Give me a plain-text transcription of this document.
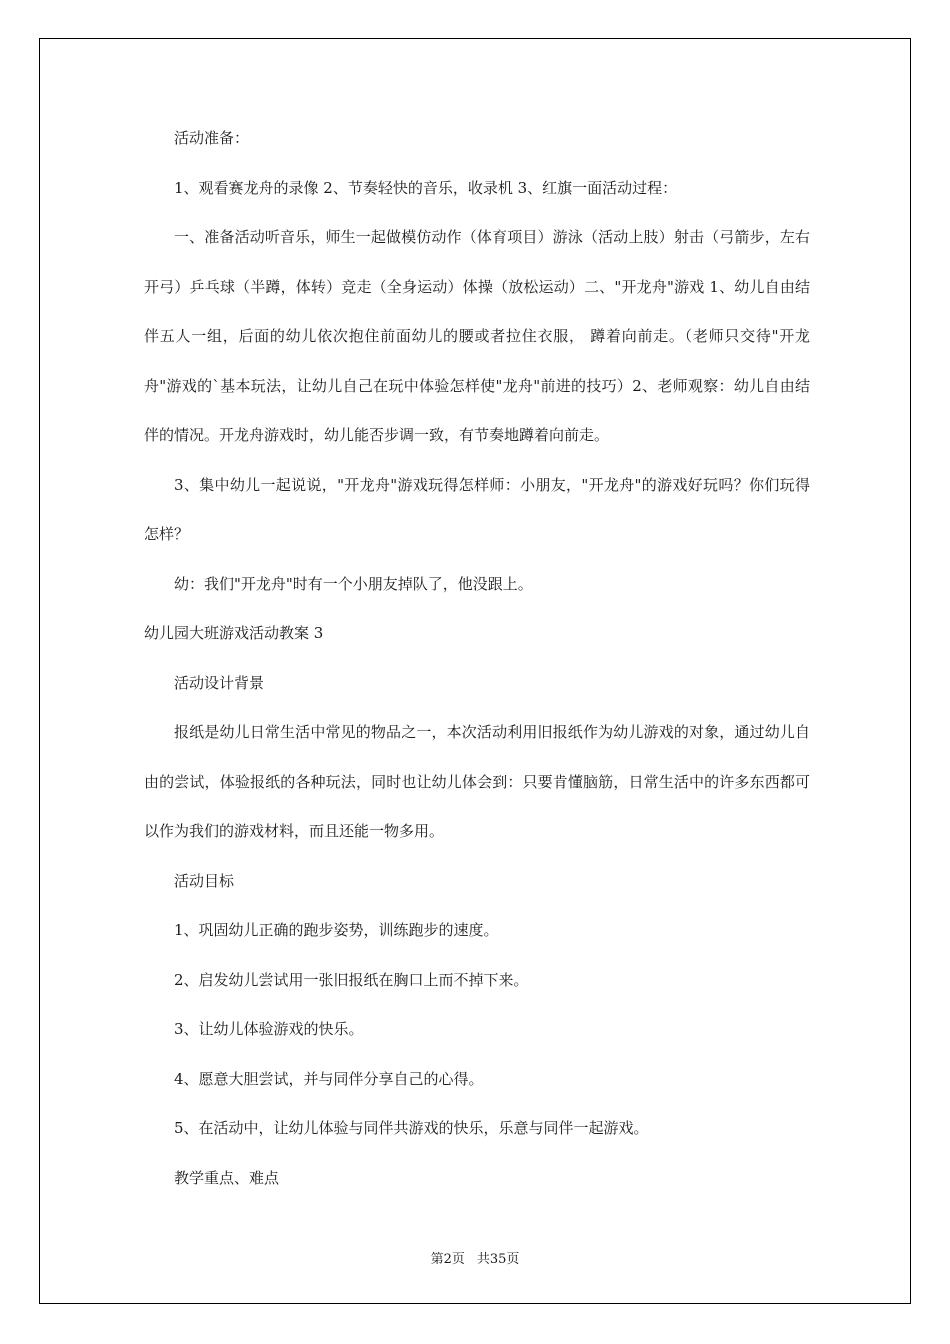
活动准备：

1、观看赛龙舟的录像 2、节奏轻快的音乐，收录机 3、红旗一面活动过程：

一、准备活动听音乐，师生一起做模仿动作（体育项目）游泳（活动上肢）射击（弓箭步，左右开弓）乒乓球（半蹲，体转）竞走（全身运动）体操（放松运动）二、"开龙舟"游戏 1、幼儿自由结伴五人一组，后面的幼儿依次抱住前面幼儿的腰或者拉住衣服， 蹲着向前走。（老师只交待"开龙舟"游戏的`基本玩法，让幼儿自己在玩中体验怎样使"龙舟"前进的技巧）2、老师观察：幼儿自由结伴的情况。开龙舟游戏时，幼儿能否步调一致，有节奏地蹲着向前走。

3、集中幼儿一起说说，"开龙舟"游戏玩得怎样师：小朋友，"开龙舟"的游戏好玩吗？你们玩得怎样？

幼：我们"开龙舟"时有一个小朋友掉队了，他没跟上。

幼儿园大班游戏活动教案 3

活动设计背景

报纸是幼儿日常生活中常见的物品之一，本次活动利用旧报纸作为幼儿游戏的对象，通过幼儿自由的尝试，体验报纸的各种玩法，同时也让幼儿体会到：只要肯懂脑筋，日常生活中的许多东西都可以作为我们的游戏材料，而且还能一物多用。

活动目标

1、巩固幼儿正确的跑步姿势，训练跑步的速度。

2、启发幼儿尝试用一张旧报纸在胸口上而不掉下来。

3、让幼儿体验游戏的快乐。

4、愿意大胆尝试，并与同伴分享自己的心得。

5、在活动中，让幼儿体验与同伴共游戏的快乐，乐意与同伴一起游戏。

教学重点、难点

第2页 共35页
